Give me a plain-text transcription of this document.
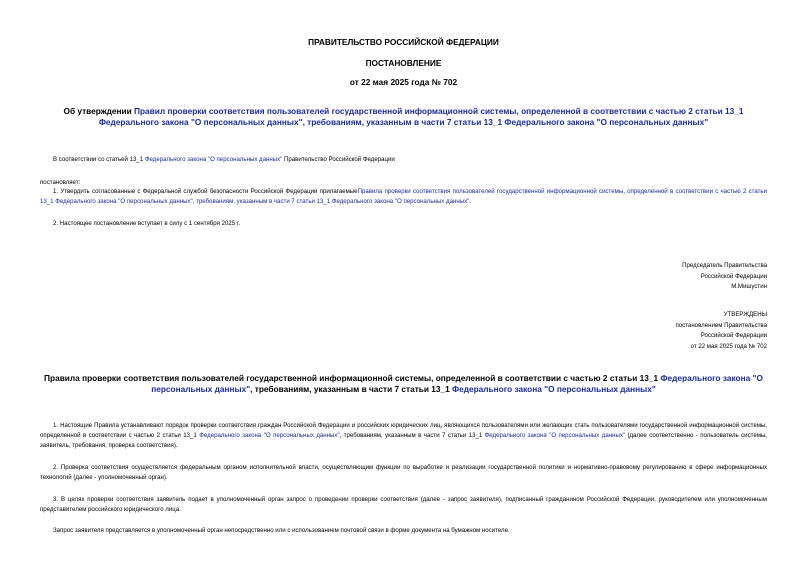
ПРАВИТЕЛЬСТВО РОССИЙСКОЙ ФЕДЕРАЦИИ
ПОСТАНОВЛЕНИЕ
от 22 мая 2025 года № 702
Об утверждении Правил проверки соответствия пользователей государственной информационной системы, определенной в соответствии с частью 2 статьи 13_1 Федерального закона "О персональных данных", требованиям, указанным в части 7 статьи 13_1 Федерального закона "О персональных данных"
В соответствии со статьей 13_1 Федерального закона "О персональных данных" Правительство Российской Федерации
постановляет:
1. Утвердить согласованные с Федеральной службой безопасности Российской Федерации прилагаемыеПравила проверки соответствия пользователей государственной информационной системы, определенной в соответствии с частью 2 статьи 13_1 Федерального закона "О персональных данных", требованиям, указанным в части 7 статьи 13_1 Федерального закона "О персональных данных".
2. Настоящее постановление вступает в силу с 1 сентября 2025 г.
Председатель Правительства
Российской Федерации
М.Мишустин
УТВЕРЖДЕНЫ
постановлением Правительства
Российской Федерации
от 22 мая 2025 года № 702
Правила проверки соответствия пользователей государственной информационной системы, определенной в соответствии с частью 2 статьи 13_1 Федерального закона "О персональных данных", требованиям, указанным в части 7 статьи 13_1 Федерального закона "О персональных данных"
1. Настоящие Правила устанавливают порядок проверки соответствия граждан Российской Федерации и российских юридических лиц, являющихся пользователями или желающих стать пользователями государственной информационной системы, определенной в соответствии с частью 2 статьи 13_1 Федерального закона "О персональных данных", требованиям, указанным в части 7 статьи 13_1 Федерального закона "О персональных данных" (далее соответственно - пользователь системы, заявитель, требования, проверка соответствия).
2. Проверка соответствия осуществляется федеральным органом исполнительной власти, осуществляющим функции по выработке и реализации государственной политики и нормативно-правовому регулированию в сфере информационных технологий (далее - уполномоченный орган).
3. В целях проверки соответствия заявитель подает в уполномоченный орган запрос о проведении проверки соответствия (далее - запрос заявителя), подписанный гражданином Российской Федерации, руководителем или уполномоченным представителем российского юридического лица.
Запрос заявителя представляется в уполномоченный орган непосредственно или с использованием почтовой связи в форме документа на бумажном носителе.
